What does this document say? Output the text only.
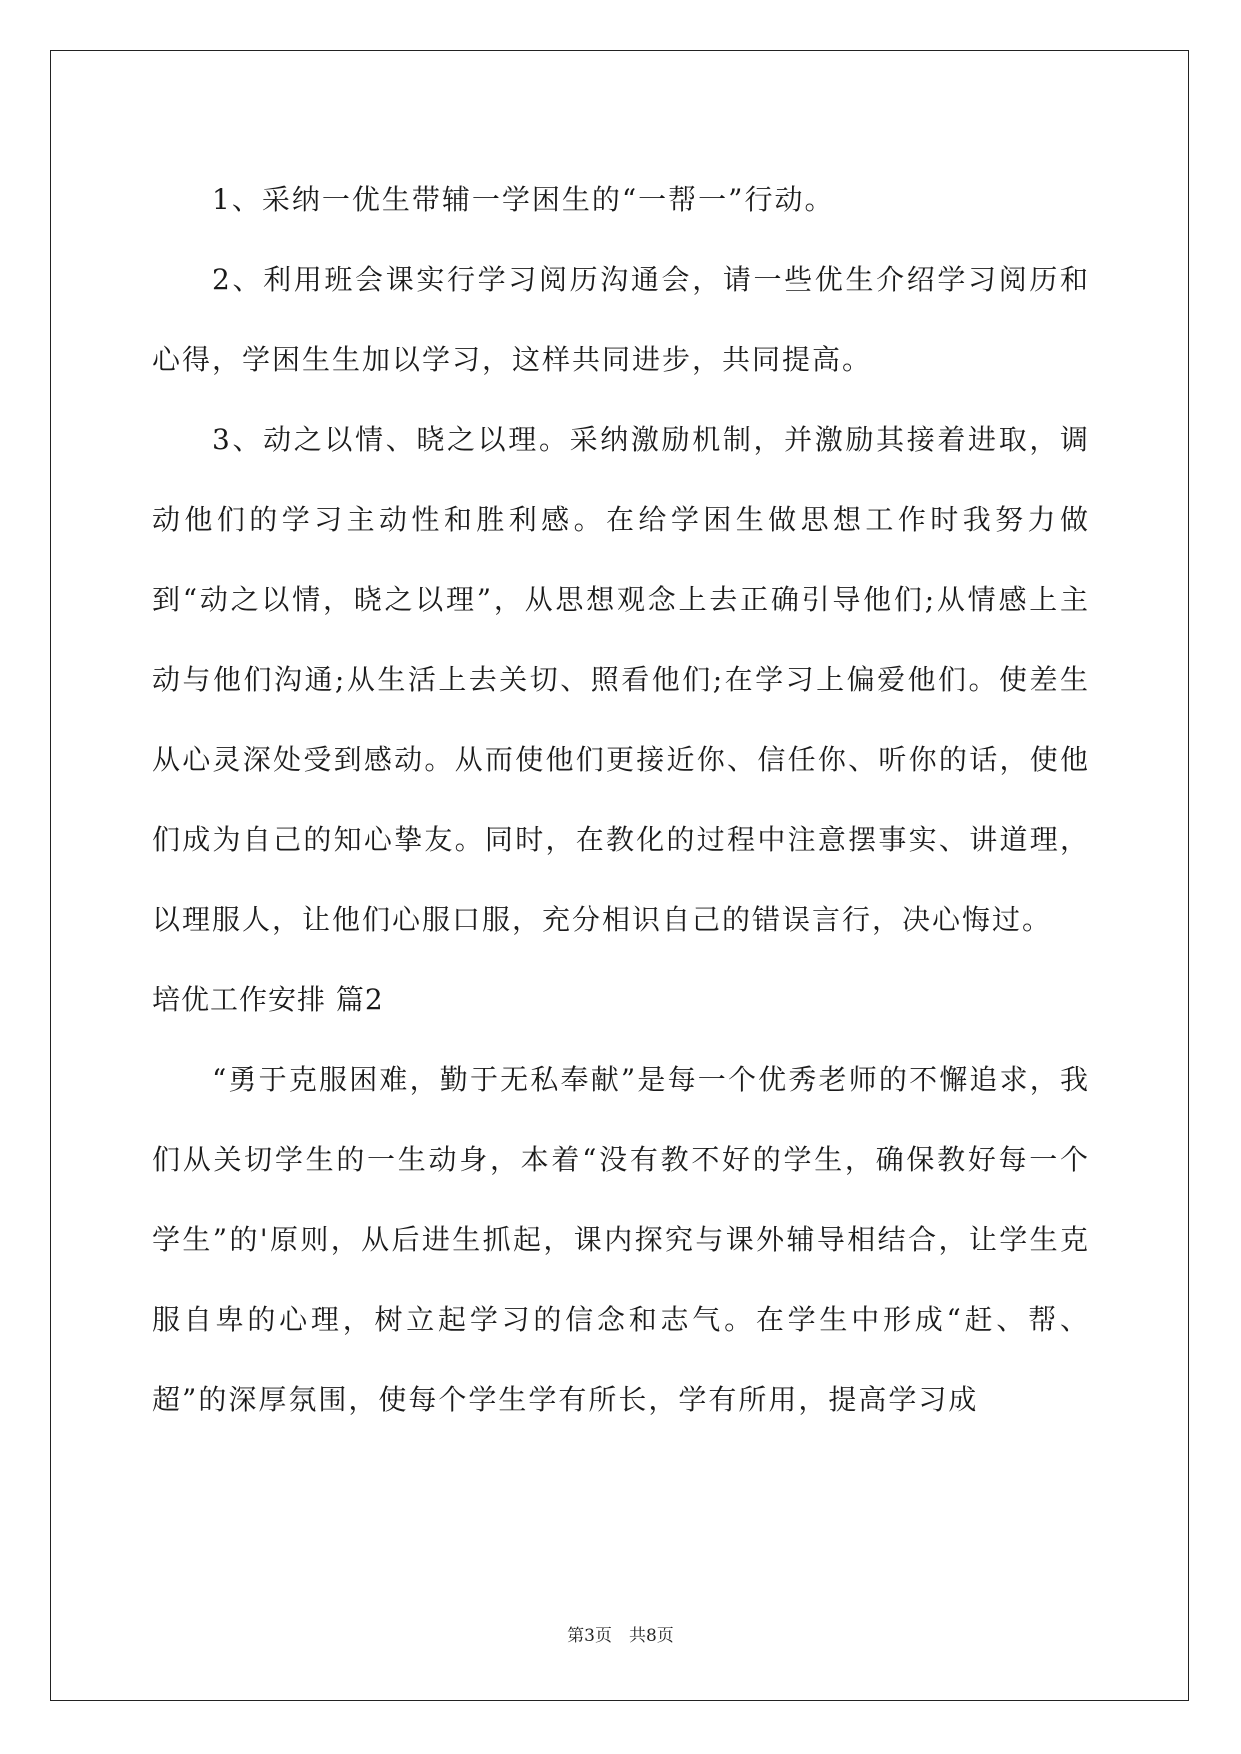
1、采纳一优生带辅一学困生的“一帮一”行动。

2、利用班会课实行学习阅历沟通会，请一些优生介绍学习阅历和心得，学困生生加以学习，这样共同进步，共同提高。

3、动之以情、晓之以理。采纳激励机制，并激励其接着进取，调动他们的学习主动性和胜利感。在给学困生做思想工作时我努力做到“动之以情，晓之以理”，从思想观念上去正确引导他们;从情感上主动与他们沟通;从生活上去关切、照看他们;在学习上偏爱他们。使差生从心灵深处受到感动。从而使他们更接近你、信任你、听你的话，使他们成为自己的知心挚友。同时，在教化的过程中注意摆事实、讲道理，以理服人，让他们心服口服，充分相识自己的错误言行，决心悔过。

培优工作安排 篇2

“勇于克服困难，勤于无私奉献”是每一个优秀老师的不懈追求，我们从关切学生的一生动身，本着“没有教不好的学生，确保教好每一个学生”的'原则，从后进生抓起，课内探究与课外辅导相结合，让学生克服自卑的心理，树立起学习的信念和志气。在学生中形成“赶、帮、超”的深厚氛围，使每个学生学有所长，学有所用，提高学习成

第3页　共8页
